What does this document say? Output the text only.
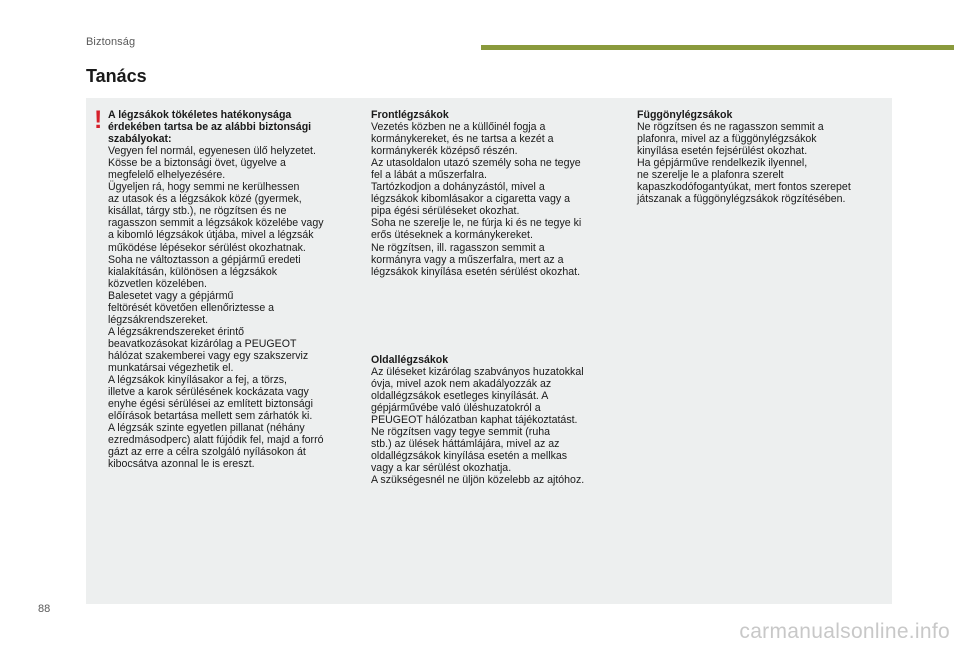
Biztonság
Tanács
! A légzsákok tökéletes hatékonysága

érdekében tartsa be az alábbi biztonsági

szabályokat:

Vegyen fel normál, egyenesen ülő helyzetet.

Kösse be a biztonsági övet, ügyelve a

megfelelő elhelyezésére.

Ügyeljen rá, hogy semmi ne kerülhessen

az utasok és a légzsákok közé (gyermek,

kisállat, tárgy stb.), ne rögzítsen és ne

ragasszon semmit a légzsákok közelébe vagy

a kibomló légzsákok útjába, mivel a légzsák

működése lépésekor sérülést okozhatnak.

Soha ne változtasson a gépjármű eredeti

kialakításán, különösen a légzsákok

közvetlen közelében.

Balesetet vagy a gépjármű

feltörését követően ellenőriztesse a

légzsákrendszereket.

A légzsákrendszereket érintő

beavatkozásokat kizárólag a PEUGEOT

hálózat szakemberei vagy egy szakszerviz

munkatársai végezhetik el.

A légzsákok kinyílásakor a fej, a törzs,

illetve a karok sérülésének kockázata vagy

enyhe égési sérülései az említett biztonsági

előírások betartása mellett sem zárhatók ki.

A légzsák szinte egyetlen pillanat (néhány

ezredmásodperc) alatt fújódik fel, majd a forró

gázt az erre a célra szolgáló nyílásokon át

kibocsátva azonnal le is ereszt.

Frontlégzsákok

Vezetés közben ne a küllőinél fogja a

kormánykereket, és ne tartsa a kezét a

kormánykerék középső részén.

Az utasoldalon utazó személy soha ne tegye

fel a lábát a műszerfalra.

Tartózkodjon a dohányzástól, mivel a

légzsákok kibomlásakor a cigaretta vagy a

pipa égési sérüléseket okozhat.

Soha ne szerelje le, ne fúrja ki és ne tegye ki

erős ütéseknek a kormánykereket.

Ne rögzítsen, ill. ragasszon semmit a

kormányra vagy a műszerfalra, mert az a

légzsákok kinyílása esetén sérülést okozhat.

Oldallégzsákok

Az üléseket kizárólag szabványos huzatokkal

óvja, mivel azok nem akadályozzák az

oldallégzsákok esetleges kinyílását. A

gépjárművébe való üléshuzatokról a

PEUGEOT hálózatban kaphat tájékoztatást.

Ne rögzítsen vagy tegye semmit (ruha

stb.) az ülések háttámlájára, mivel az az

oldallégzsákok kinyílása esetén a mellkas

vagy a kar sérülést okozhatja.

A szükségesnél ne üljön közelebb az ajtóhoz.

Függönylégzsákok

Ne rögzítsen és ne ragasszon semmit a

plafonra, mivel az a függönylégzsákok

kinyílása esetén fejsérülést okozhat.

Ha gépjárműve rendelkezik ilyennel,

ne szerelje le a plafonra szerelt

kapaszkodófogantyúkat, mert fontos szerepet

játszanak a függönylégzsákok rögzítésében.

88
carmanualsonline.info
